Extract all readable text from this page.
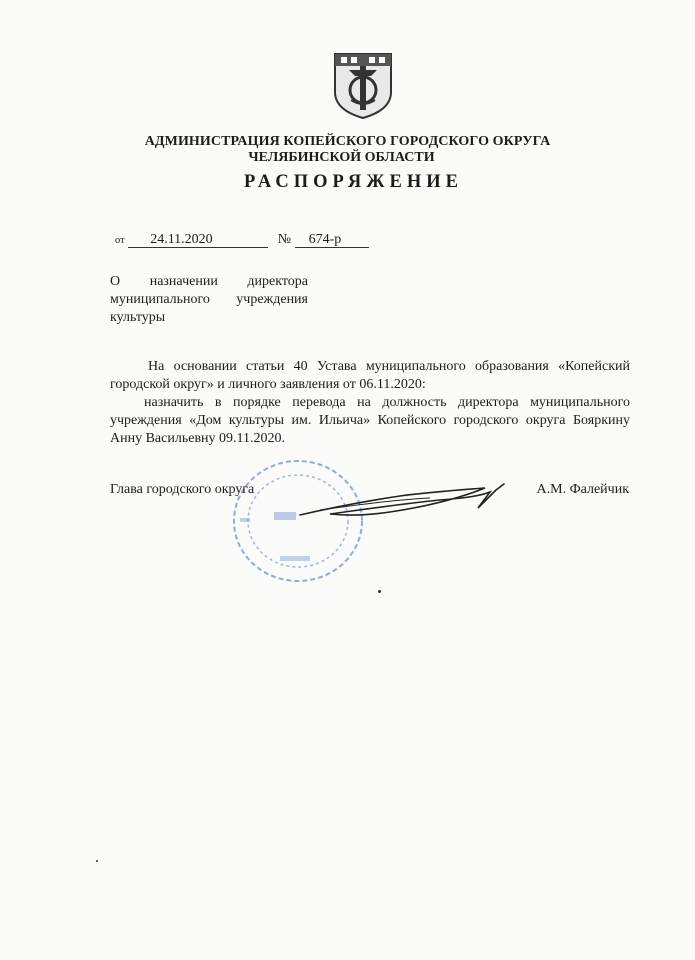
АДМИНИСТРАЦИЯ КОПЕЙСКОГО ГОРОДСКОГО ОКРУГА
ЧЕЛЯБИНСКОЙ ОБЛАСТИ
РАСПОРЯЖЕНИЕ
от 24.11.2020	№ 674-р
О назначении директора
муниципального учреждения
культуры

На основании статьи 40 Устава муниципального образования «Копейский городской округ» и личного заявления от 06.11.2020:

назначить в порядке перевода на должность директора муниципального учреждения «Дом культуры им. Ильича» Копейского городского округа Бояркину Анну Васильевну 09.11.2020.

Глава городского округа	А.М. Фалейчик
